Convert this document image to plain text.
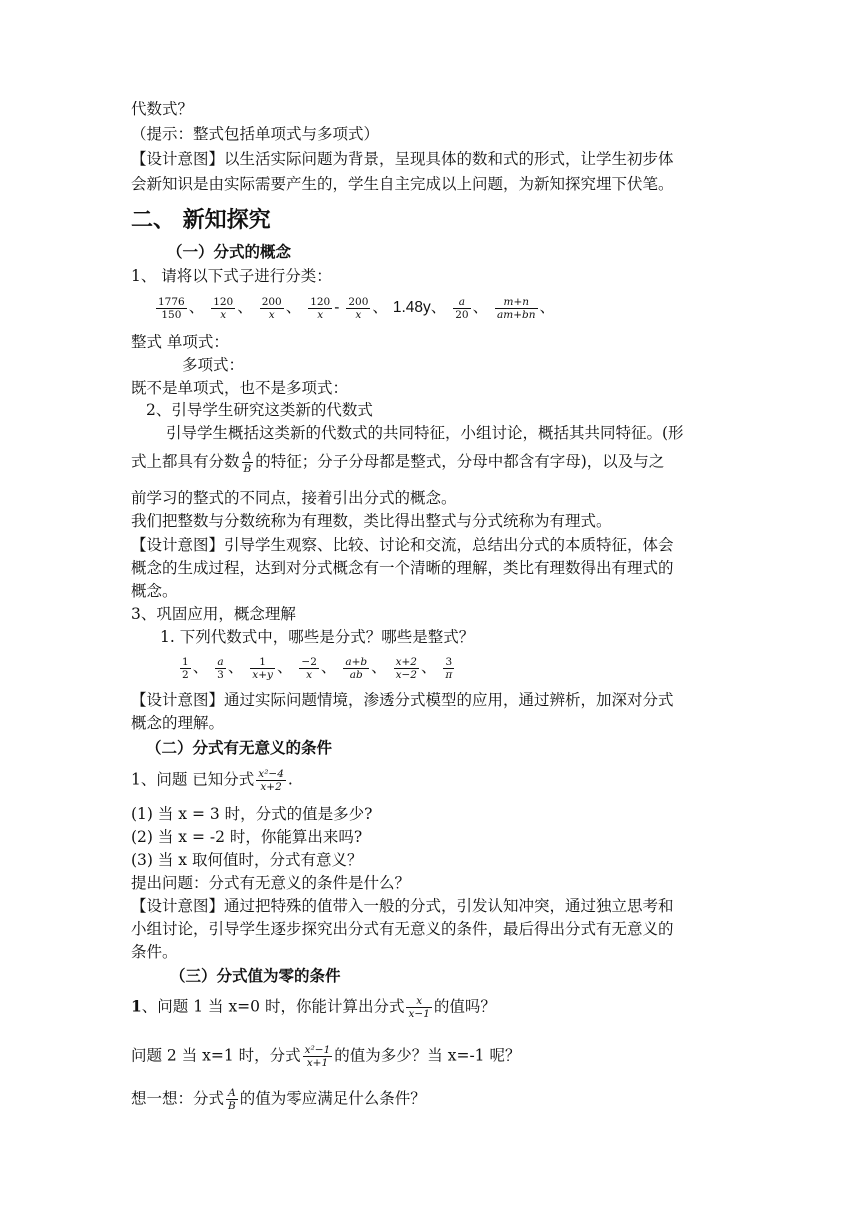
代数式？
（提示：整式包括单项式与多项式）
【设计意图】以生活实际问题为背景，呈现具体的数和式的形式，让学生初步体
会新知识是由实际需要产生的，学生自主完成以上问题，为新知探究埋下伏笔。
二、 新知探究
（一）分式的概念
1、 请将以下式子进行分类：
$\frac{1776}{150}$ 、 $\frac{120}{x}$ 、 $\frac{200}{x}$ 、 $\frac{120}{x} - \frac{200}{x}$ 、 1.48y、 $\frac{a}{20}$ 、 $\frac{m+n}{am+bn}$ 、
整式 单项式：
多项式：
既不是单项式，也不是多项式：
2、引导学生研究这类新的代数式
引导学生概括这类新的代数式的共同特征，小组讨论，概括其共同特征。(形
式上都具有分数 $\frac{A}{B}$ 的特征；分子分母都是整式，分母中都含有字母)，以及与之
前学习的整式的不同点，接着引出分式的概念。
我们把整数与分数统称为有理数，类比得出整式与分式统称为有理式。
【设计意图】引导学生观察、比较、讨论和交流，总结出分式的本质特征，体会
概念的生成过程，达到对分式概念有一个清晰的理解，类比有理数得出有理式的
概念。
3、巩固应用，概念理解
1. 下列代数式中，哪些是分式？哪些是整式？
$\frac{1}{2}$ 、 $\frac{a}{3}$ 、 $\frac{1}{x+y}$ 、 $\frac{-2}{x}$ 、 $\frac{a+b}{ab}$ 、 $\frac{x+2}{x-2}$ 、 $\frac{3}{\pi}$
【设计意图】通过实际问题情境，渗透分式模型的应用，通过辨析，加深对分式
概念的理解。
（二）分式有无意义的条件
1、问题 已知分式 $\frac{\text{x²−4}}{x+2}$ .
(1) 当 x = 3 时，分式的值是多少?
(2) 当 x = -2 时，你能算出来吗?
(3) 当 x 取何值时，分式有意义？
提出问题：分式有无意义的条件是什么？
【设计意图】通过把特殊的值带入一般的分式，引发认知冲突，通过独立思考和
小组讨论，引导学生逐步探究出分式有无意义的条件，最后得出分式有无意义的
条件。
（三）分式值为零的条件
1、问题 1 当 x=0 时，你能计算出分式 $\frac{x}{x-1}$ 的值吗？
问题 2 当 x=1 时，分式 $\frac{\text{x²−1}}{x+1}$ 的值为多少？当 x=-1 呢？
想一想：分式 $\frac{A}{B}$ 的值为零应满足什么条件？
